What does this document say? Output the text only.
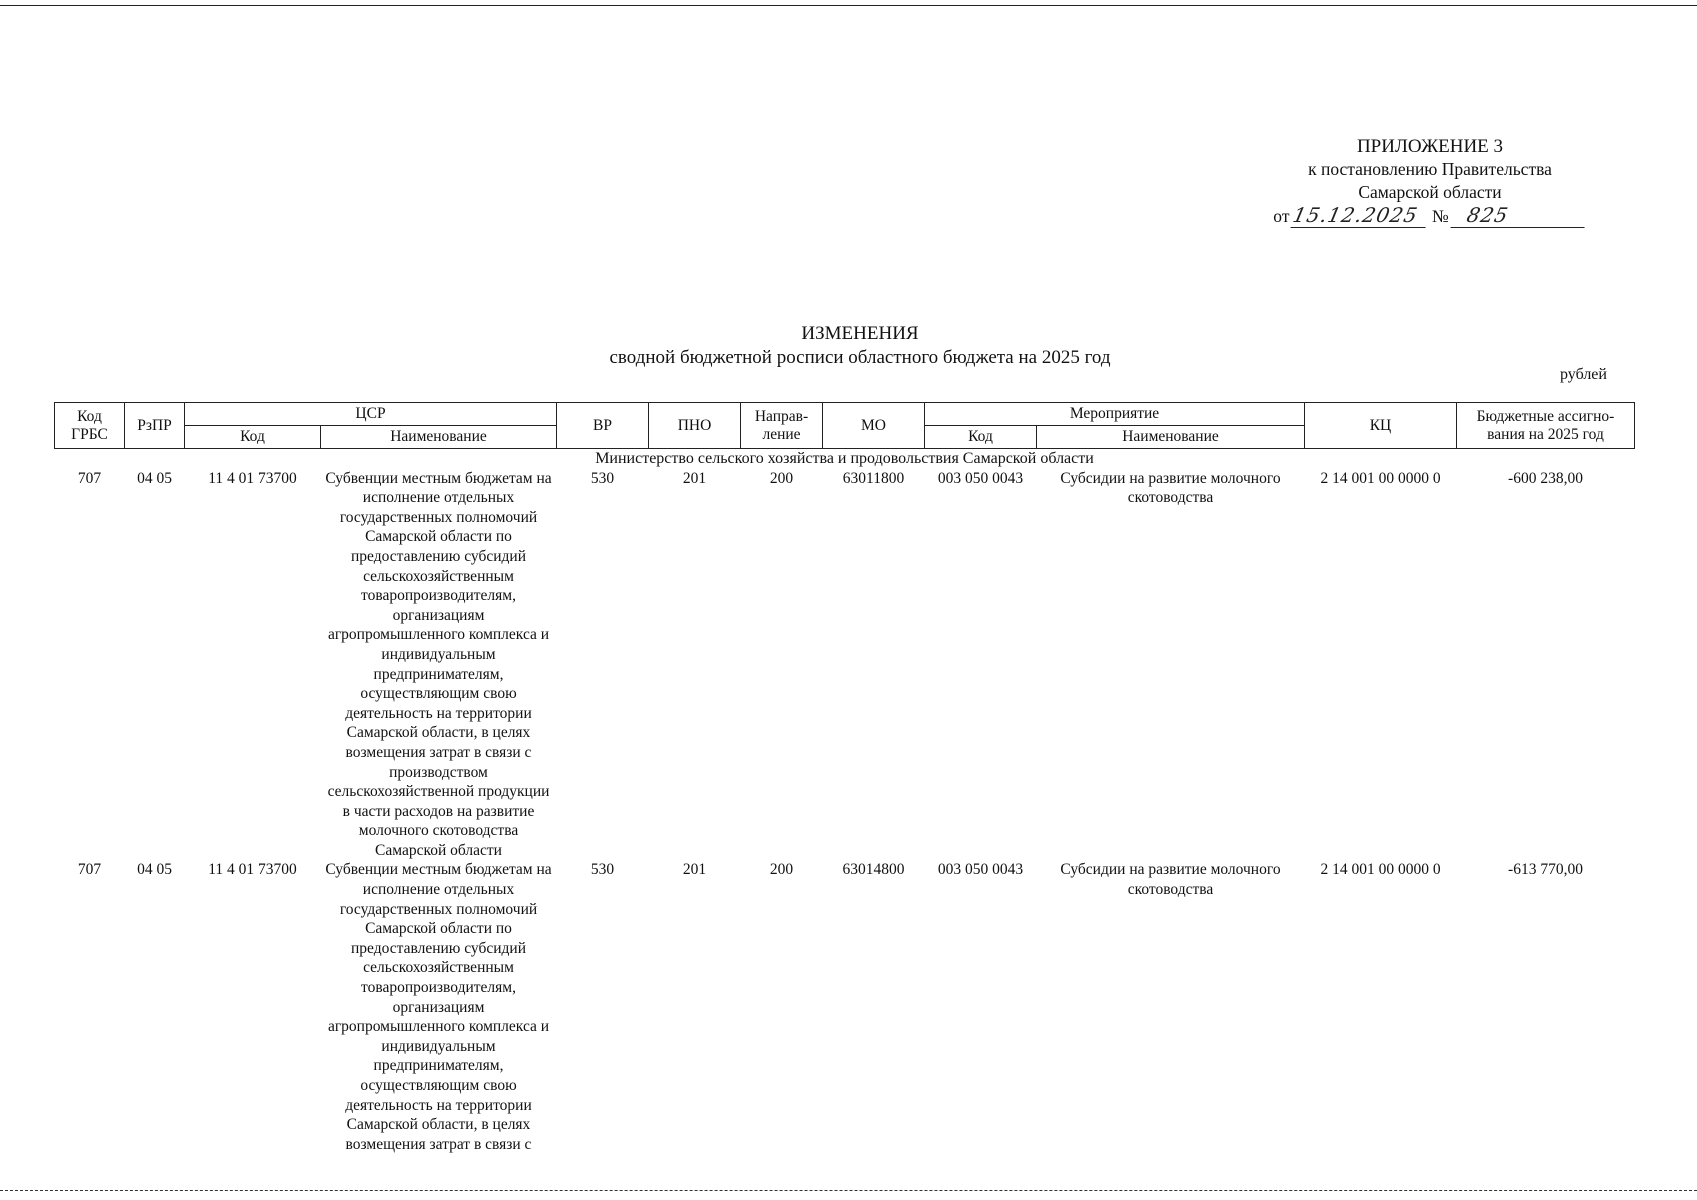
ПРИЛОЖЕНИЕ 3
к постановлению Правительства
Самарской области
от 15.12.2025 № 825
ИЗМЕНЕНИЯ
сводной бюджетной росписи областного бюджета на 2025 год
рублей
Код ГРБС	РзПР	ЦСР		ВР	ПНО	Направ-ление	МО	Мероприятие		КЦ	Бюджетные ассигно-вания на 2025 год
		Код	Наименование					Код	Наименование		
Министерство сельского хозяйства и продовольствия Самарской области											
707	04 05	11 4 01 73700	Субвенции местным бюджетам на исполнение отдельных государственных полномочий Самарской области по предоставлению субсидий сельскохозяйственным товаропроизводителям, организациям агропромышленного комплекса и индивидуальным предпринимателям, осуществляющим свою деятельность на территории Самарской области, в целях возмещения затрат в связи с производством сельскохозяйственной продукции в части расходов на развитие молочного скотоводства Самарской области	530	201	200	63011800	003 050 0043	Субсидии на развитие молочного скотоводства	2 14 001 00 0000 0	-600 238,00
707	04 05	11 4 01 73700	Субвенции местным бюджетам на исполнение отдельных государственных полномочий Самарской области по предоставлению субсидий сельскохозяйственным товаропроизводителям, организациям агропромышленного комплекса и индивидуальным предпринимателям, осуществляющим свою деятельность на территории Самарской области, в целях возмещения затрат в связи с	530	201	200	63014800	003 050 0043	Субсидии на развитие молочного скотоводства	2 14 001 00 0000 0	-613 770,00
